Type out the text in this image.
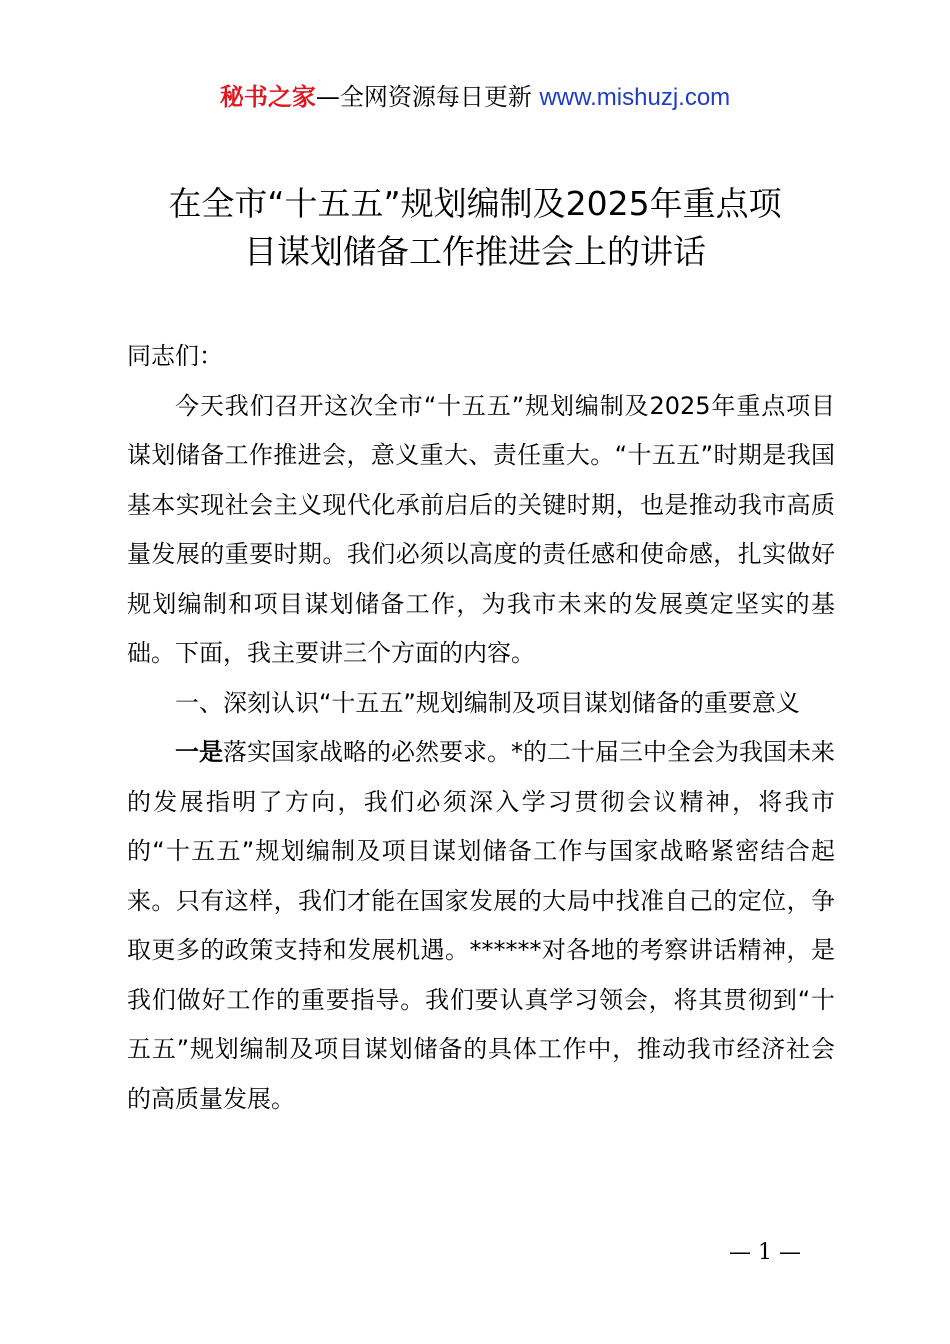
秘书之家—全网资源每日更新 www.mishuzj.com
在全市“十五五”规划编制及2025年重点项
目谋划储备工作推进会上的讲话

同志们：

今天我们召开这次全市“十五五”规划编制及2025年重点项目谋划储备工作推进会，意义重大、责任重大。“十五五”时期是我国基本实现社会主义现代化承前启后的关键时期，也是推动我市高质量发展的重要时期。我们必须以高度的责任感和使命感，扎实做好规划编制和项目谋划储备工作，为我市未来的发展奠定坚实的基础。下面，我主要讲三个方面的内容。

一、深刻认识“十五五”规划编制及项目谋划储备的重要意义

一是落实国家战略的必然要求。*的二十届三中全会为我国未来的发展指明了方向，我们必须深入学习贯彻会议精神，将我市的“十五五”规划编制及项目谋划储备工作与国家战略紧密结合起来。只有这样，我们才能在国家发展的大局中找准自己的定位，争取更多的政策支持和发展机遇。******对各地的考察讲话精神，是我们做好工作的重要指导。我们要认真学习领会，将其贯彻到“十五五”规划编制及项目谋划储备的具体工作中，推动我市经济社会的高质量发展。

— 1 —
